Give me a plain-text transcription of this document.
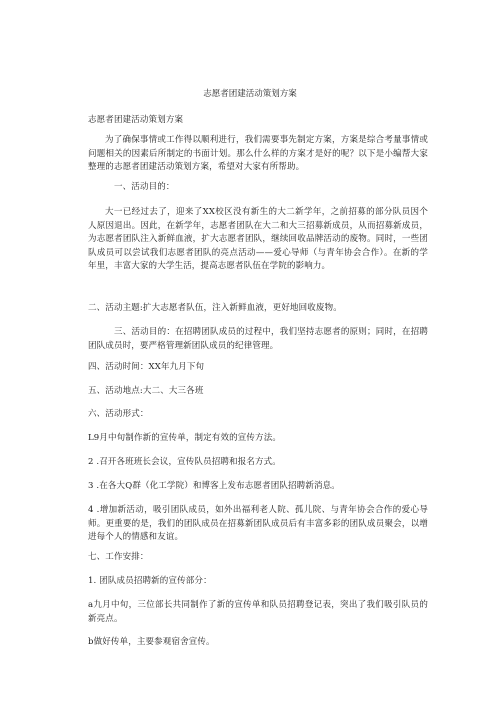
志愿者团建活动策划方案

志愿者团建活动策划方案

为了确保事情或工作得以顺利进行，我们需要事先制定方案，方案是综合考量事情或问题相关的因素后所制定的书面计划。那么什么样的方案才是好的呢？以下是小编帮大家整理的志愿者团建活动策划方案，希望对大家有所帮助。

一、活动目的：

大一已经过去了，迎来了XX校区没有新生的大二新学年，之前招募的部分队员因个人原因退出。因此，在新学年，志愿者团队在大二和大三招募新成员，从而招募新成员，为志愿者团队注入新鲜血液，扩大志愿者团队，继续回收品牌活动的废物。同时，一些团队成员可以尝试我们志愿者团队的亮点活动——爱心导师（与青年协会合作）。在新的学年里，丰富大家的大学生活，提高志愿者队伍在学院的影响力。

二、活动主题:扩大志愿者队伍，注入新鲜血液，更好地回收废物。

三、活动目的：在招聘团队成员的过程中，我们坚持志愿者的原则；同时，在招聘团队成员时，要严格管理新团队成员的纪律管理。

四、活动时间：XX年九月下旬

五、活动地点:大二、大三各班

六、活动形式：

L9月中旬制作新的宣传单，制定有效的宣传方法。

2 .召开各班班长会议，宣传队员招聘和报名方式。

3 .在各大Q群（化工学院）和博客上发布志愿者团队招聘新消息。

4 .增加新活动，吸引团队成员，如外出福利老人院、孤儿院、与青年协会合作的爱心导师。更重要的是，我们的团队成员在招募新团队成员后有丰富多彩的团队成员聚会，以增进每个人的情感和友谊。

七、工作安排：

1. 团队成员招聘新的宣传部分：

a九月中旬，三位部长共同制作了新的宣传单和队员招聘登记表，突出了我们吸引队员的新亮点。

b做好传单，主要参观宿舍宣传。
